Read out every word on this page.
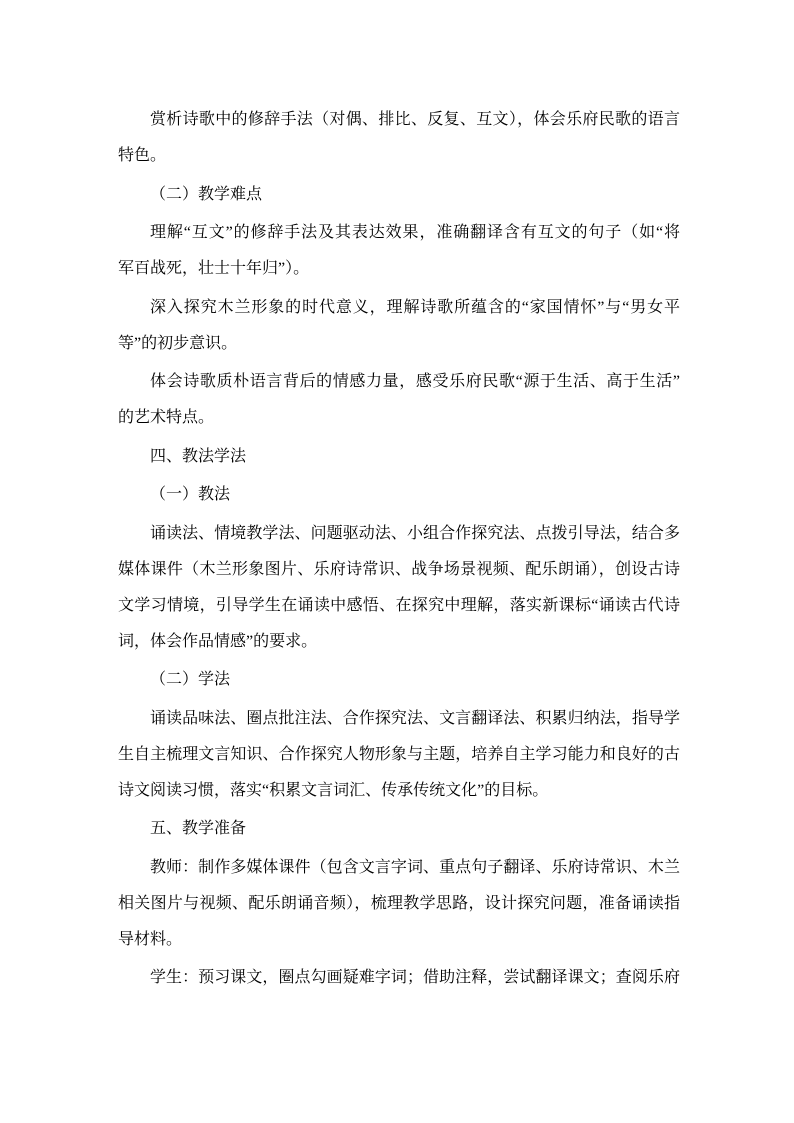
赏析诗歌中的修辞手法（对偶、排比、反复、互文），体会乐府民歌的语言
特色。
（二）教学难点
理解“互文”的修辞手法及其表达效果，准确翻译含有互文的句子（如“将
军百战死，壮士十年归”）。
深入探究木兰形象的时代意义，理解诗歌所蕴含的“家国情怀”与“男女平
等”的初步意识。
体会诗歌质朴语言背后的情感力量，感受乐府民歌“源于生活、高于生活”
的艺术特点。
四、教法学法
（一）教法
诵读法、情境教学法、问题驱动法、小组合作探究法、点拨引导法，结合多
媒体课件（木兰形象图片、乐府诗常识、战争场景视频、配乐朗诵），创设古诗
文学习情境，引导学生在诵读中感悟、在探究中理解，落实新课标“诵读古代诗
词，体会作品情感”的要求。
（二）学法
诵读品味法、圈点批注法、合作探究法、文言翻译法、积累归纳法，指导学
生自主梳理文言知识、合作探究人物形象与主题，培养自主学习能力和良好的古
诗文阅读习惯，落实“积累文言词汇、传承传统文化”的目标。
五、教学准备
教师：制作多媒体课件（包含文言字词、重点句子翻译、乐府诗常识、木兰
相关图片与视频、配乐朗诵音频），梳理教学思路，设计探究问题，准备诵读指
导材料。
学生：预习课文，圈点勾画疑难字词；借助注释，尝试翻译课文；查阅乐府
